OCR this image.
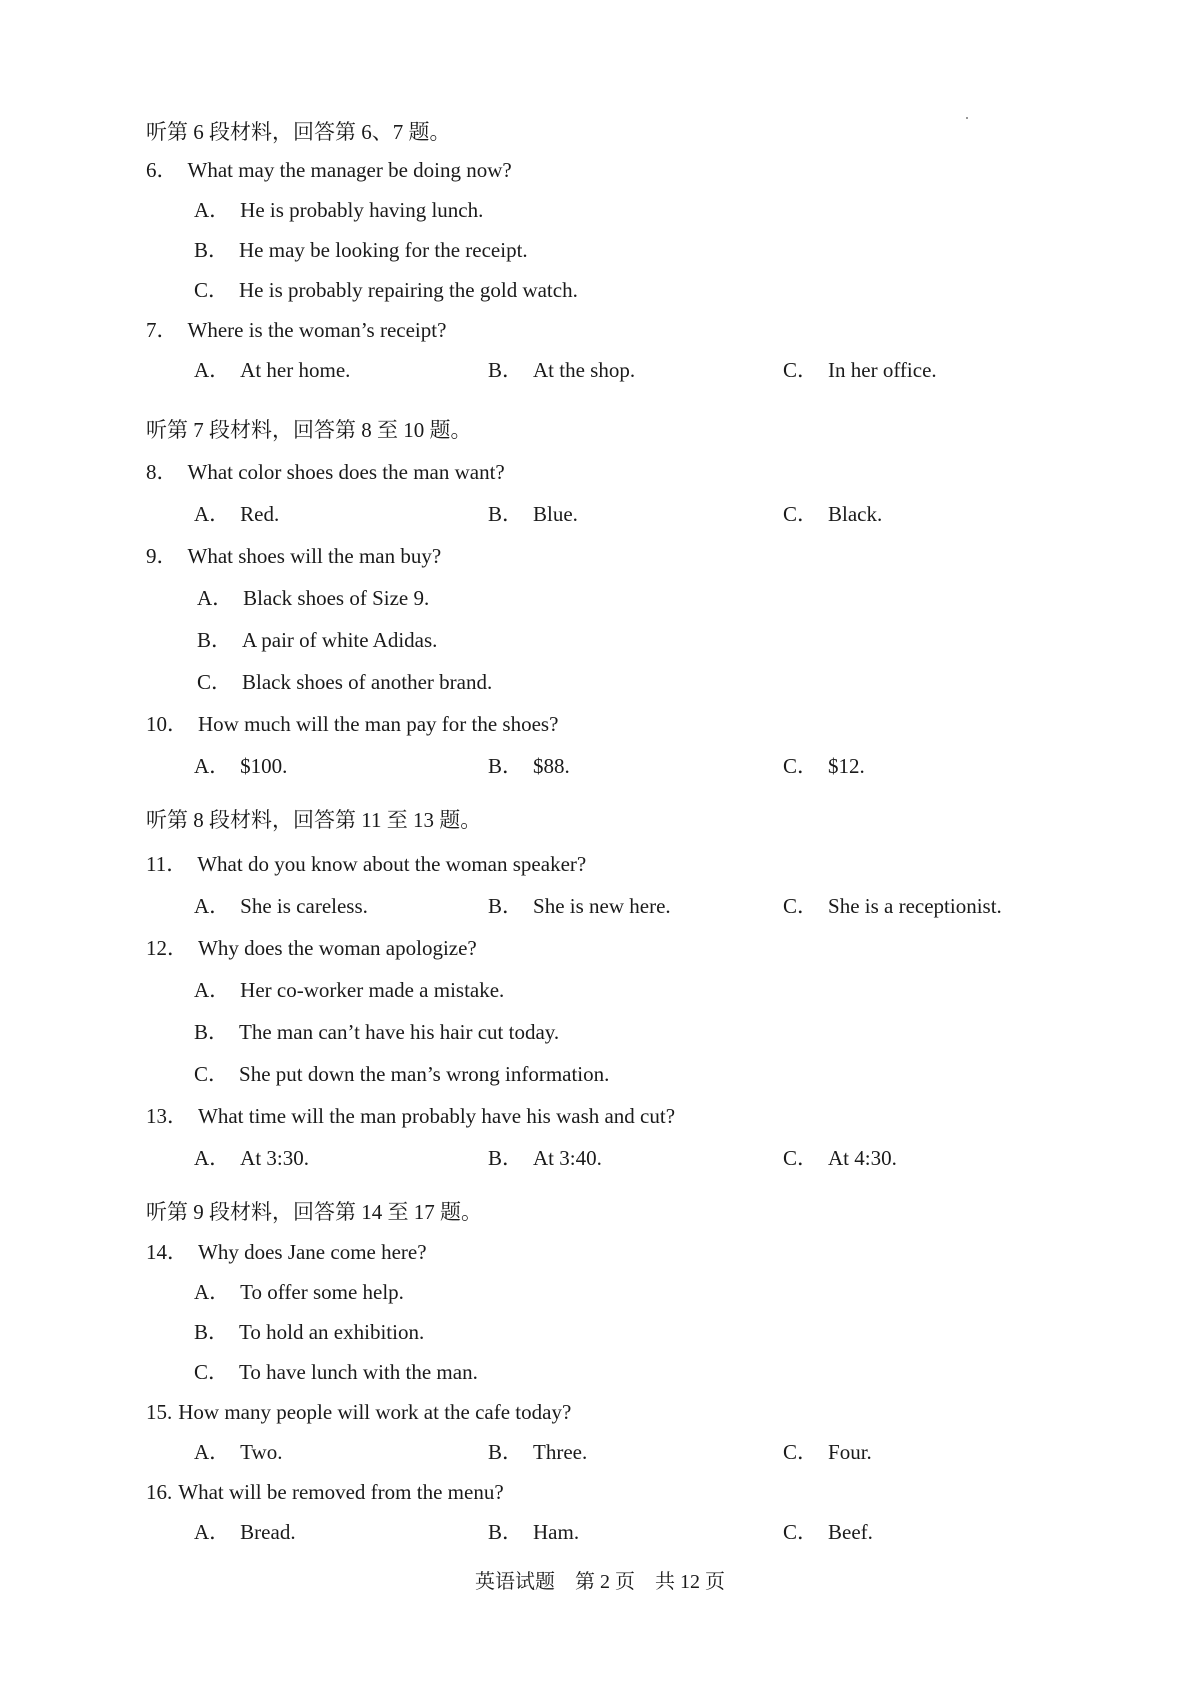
听第 6 段材料，回答第 6、7 题。
6． What may the manager be doing now?
A． He is probably having lunch.
B． He may be looking for the receipt.
C． He is probably repairing the gold watch.
7． Where is the woman’s receipt?
A． At her home.	B． At the shop.	C． In her office.
听第 7 段材料，回答第 8 至 10 题。
8． What color shoes does the man want?
A． Red.	B． Blue.	C． Black.
9． What shoes will the man buy?
A． Black shoes of Size 9.
B． A pair of white Adidas.
C． Black shoes of another brand.
10． How much will the man pay for the shoes?
A． $100.	B． $88.	C． $12.
听第 8 段材料，回答第 11 至 13 题。
11． What do you know about the woman speaker?
A． She is careless.	B． She is new here.	C． She is a receptionist.
12． Why does the woman apologize?
A． Her co-worker made a mistake.
B． The man can’t have his hair cut today.
C． She put down the man’s wrong information.
13． What time will the man probably have his wash and cut?
A． At 3:30.	B． At 3:40.	C． At 4:30.
听第 9 段材料，回答第 14 至 17 题。
14． Why does Jane come here?
A． To offer some help.
B． To hold an exhibition.
C． To have lunch with the man.
15. How many people will work at the cafe today?
A． Two.	B． Three.	C． Four.
16. What will be removed from the menu?
A． Bread.	B． Ham.	C． Beef.
英语试题　第 2 页　共 12 页
